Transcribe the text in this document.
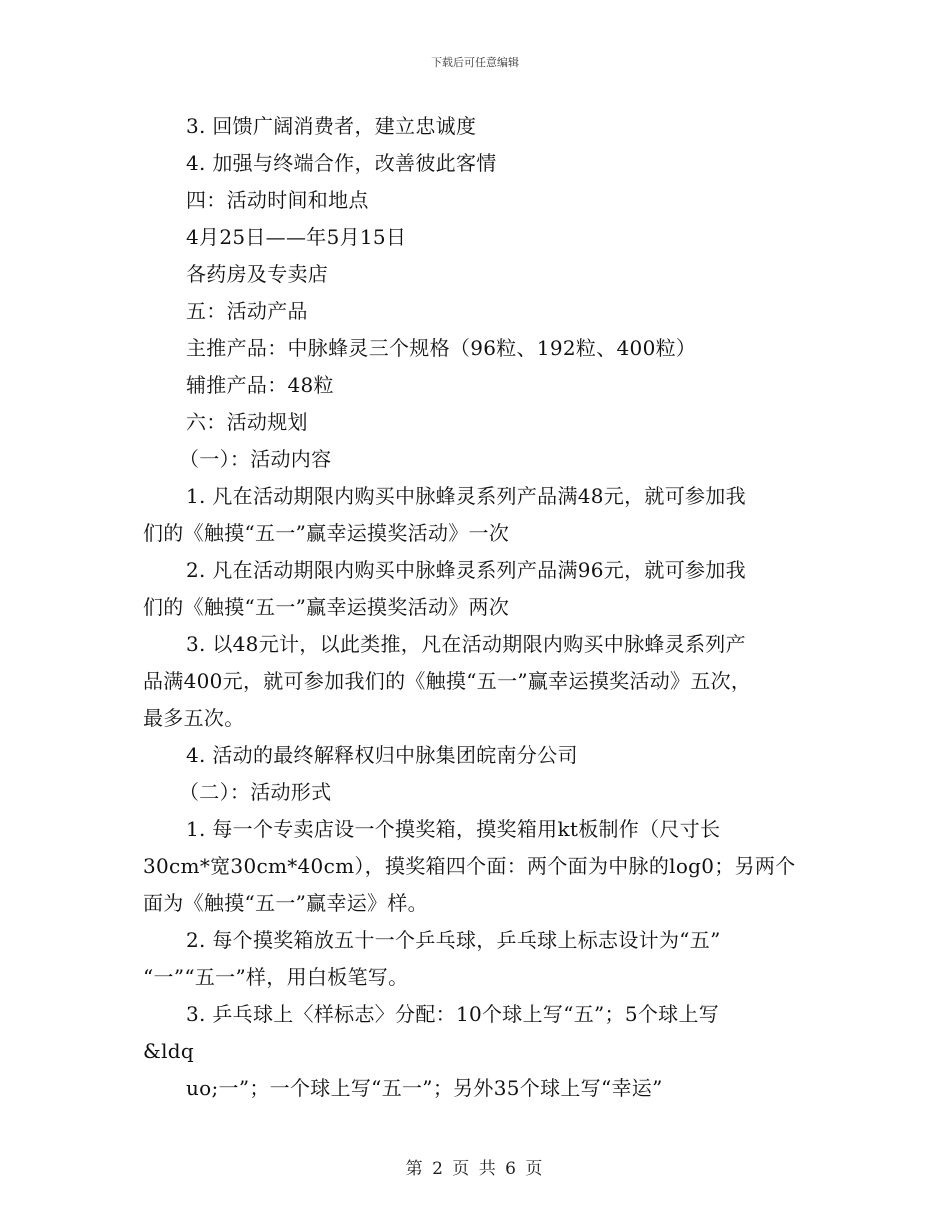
下载后可任意编辑
3. 回馈广阔消费者，建立忠诚度
4. 加强与终端合作，改善彼此客情
四：活动时间和地点
4月25日——年5月15日
各药房及专卖店
五：活动产品
主推产品：中脉蜂灵三个规格（96粒、192粒、400粒）
辅推产品：48粒
六：活动规划
（一）：活动内容
1. 凡在活动期限内购买中脉蜂灵系列产品满48元，就可参加我
们的《触摸“五一”赢幸运摸奖活动》一次
2. 凡在活动期限内购买中脉蜂灵系列产品满96元，就可参加我
们的《触摸“五一”赢幸运摸奖活动》两次
3. 以48元计，以此类推，凡在活动期限内购买中脉蜂灵系列产
品满400元，就可参加我们的《触摸“五一”赢幸运摸奖活动》五次，
最多五次。
4. 活动的最终解释权归中脉集团皖南分公司
（二）：活动形式
1. 每一个专卖店设一个摸奖箱，摸奖箱用kt板制作（尺寸长
30cm*宽30cm*40cm），摸奖箱四个面：两个面为中脉的log0；另两个
面为《触摸“五一”赢幸运》样。
2. 每个摸奖箱放五十一个乒乓球，乒乓球上标志设计为“五”
“一”“五一”样，用白板笔写。
3. 乒乓球上〈样标志〉分配：10个球上写“五”；5个球上写
&ldq
uo;一”；一个球上写“五一”；另外35个球上写“幸运”
第 2 页 共 6 页
